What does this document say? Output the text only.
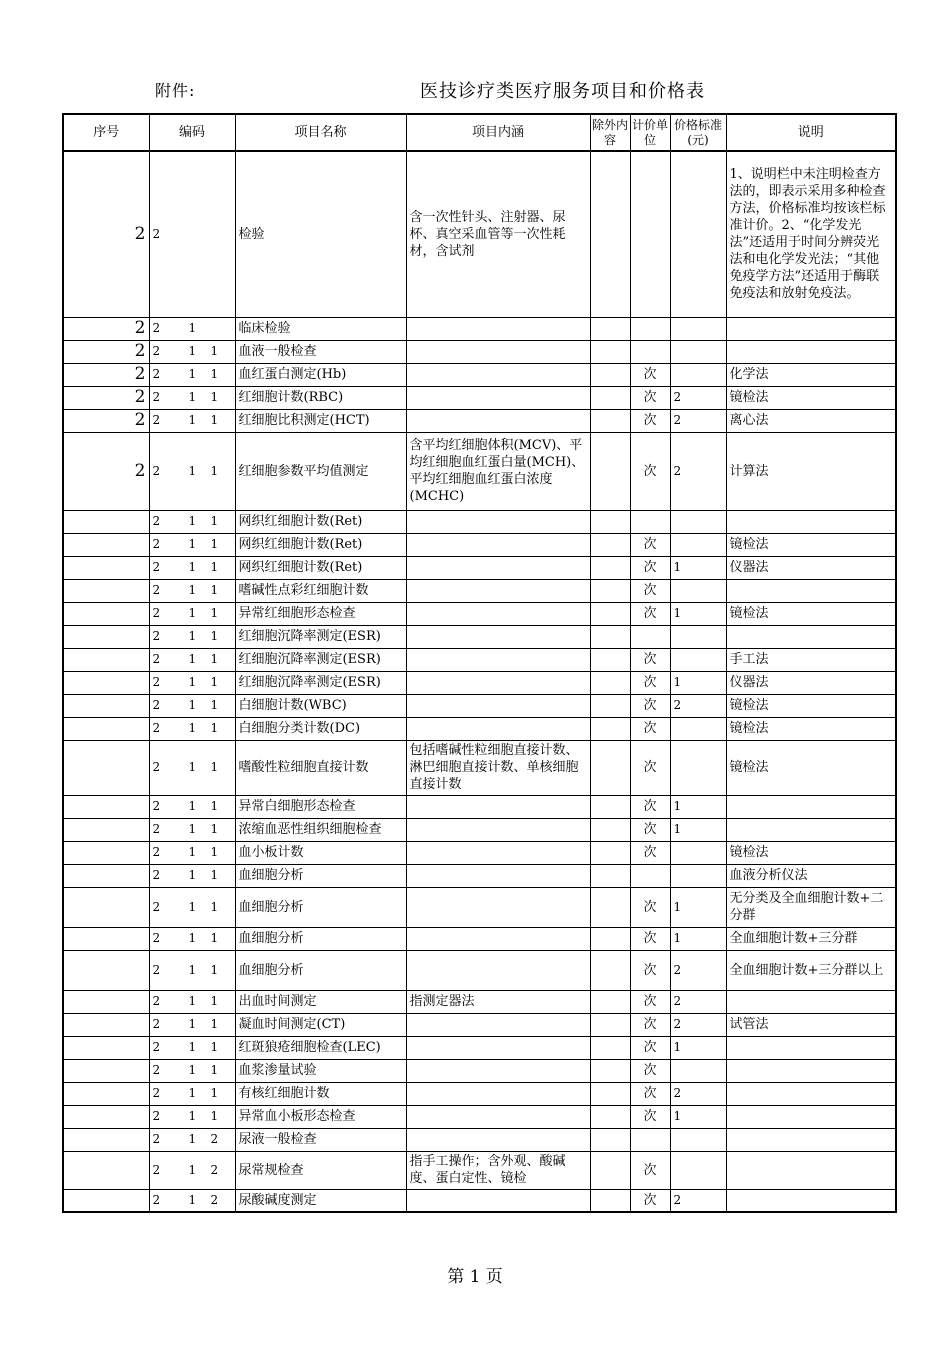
附件:	医技诊疗类医疗服务项目和价格表
序号	编码	项目名称	项目内涵	除外内容	计价单位	价格标准(元)	说明
2	2	检验	含一次性针头、注射器、尿杯、真空采血管等一次性耗材，含试剂				1、说明栏中未注明检查方法的，即表示采用多种检查方法，价格标准均按该栏标准计价。2、“化学发光法”还适用于时间分辨荧光法和电化学发光法；“其他免疫学方法”还适用于酶联免疫法和放射免疫法。
2	2 1	临床检验					
2	2 1 1	血液一般检查					
2	2 1 1	血红蛋白测定(Hb)			次		化学法
2	2 1 1	红细胞计数(RBC)			次	2	镜检法
2	2 1 1	红细胞比积测定(HCT)			次	2	离心法
2	2 1 1	红细胞参数平均值测定	含平均红细胞体积(MCV)、平均红细胞血红蛋白量(MCH)、平均红细胞血红蛋白浓度(MCHC)		次	2	计算法
	2 1 1	网织红细胞计数(Ret)					
	2 1 1	网织红细胞计数(Ret)			次		镜检法
	2 1 1	网织红细胞计数(Ret)			次	1	仪器法
	2 1 1	嗜碱性点彩红细胞计数			次		
	2 1 1	异常红细胞形态检查			次	1	镜检法
	2 1 1	红细胞沉降率测定(ESR)					
	2 1 1	红细胞沉降率测定(ESR)			次		手工法
	2 1 1	红细胞沉降率测定(ESR)			次	1	仪器法
	2 1 1	白细胞计数(WBC)			次	2	镜检法
	2 1 1	白细胞分类计数(DC)			次		镜检法
	2 1 1	嗜酸性粒细胞直接计数	包括嗜碱性粒细胞直接计数、淋巴细胞直接计数、单核细胞直接计数		次		镜检法
	2 1 1	异常白细胞形态检查			次	1	
	2 1 1	浓缩血恶性组织细胞检查			次	1	
	2 1 1	血小板计数			次		镜检法
	2 1 1	血细胞分析					血液分析仪法
	2 1 1	血细胞分析			次	1	无分类及全血细胞计数+二分群
	2 1 1	血细胞分析			次	1	全血细胞计数+三分群
	2 1 1	血细胞分析			次	2	全血细胞计数+三分群以上
	2 1 1	出血时间测定	指测定器法		次	2	
	2 1 1	凝血时间测定(CT)			次	2	试管法
	2 1 1	红斑狼疮细胞检查(LEC)			次	1	
	2 1 1	血浆渗量试验			次		
	2 1 1	有核红细胞计数			次	2	
	2 1 1	异常血小板形态检查			次	1	
	2 1 2	尿液一般检查					
	2 1 2	尿常规检查	指手工操作；含外观、酸碱度、蛋白定性、镜检		次		
	2 1 2	尿酸碱度测定			次	2	
第 1 页
